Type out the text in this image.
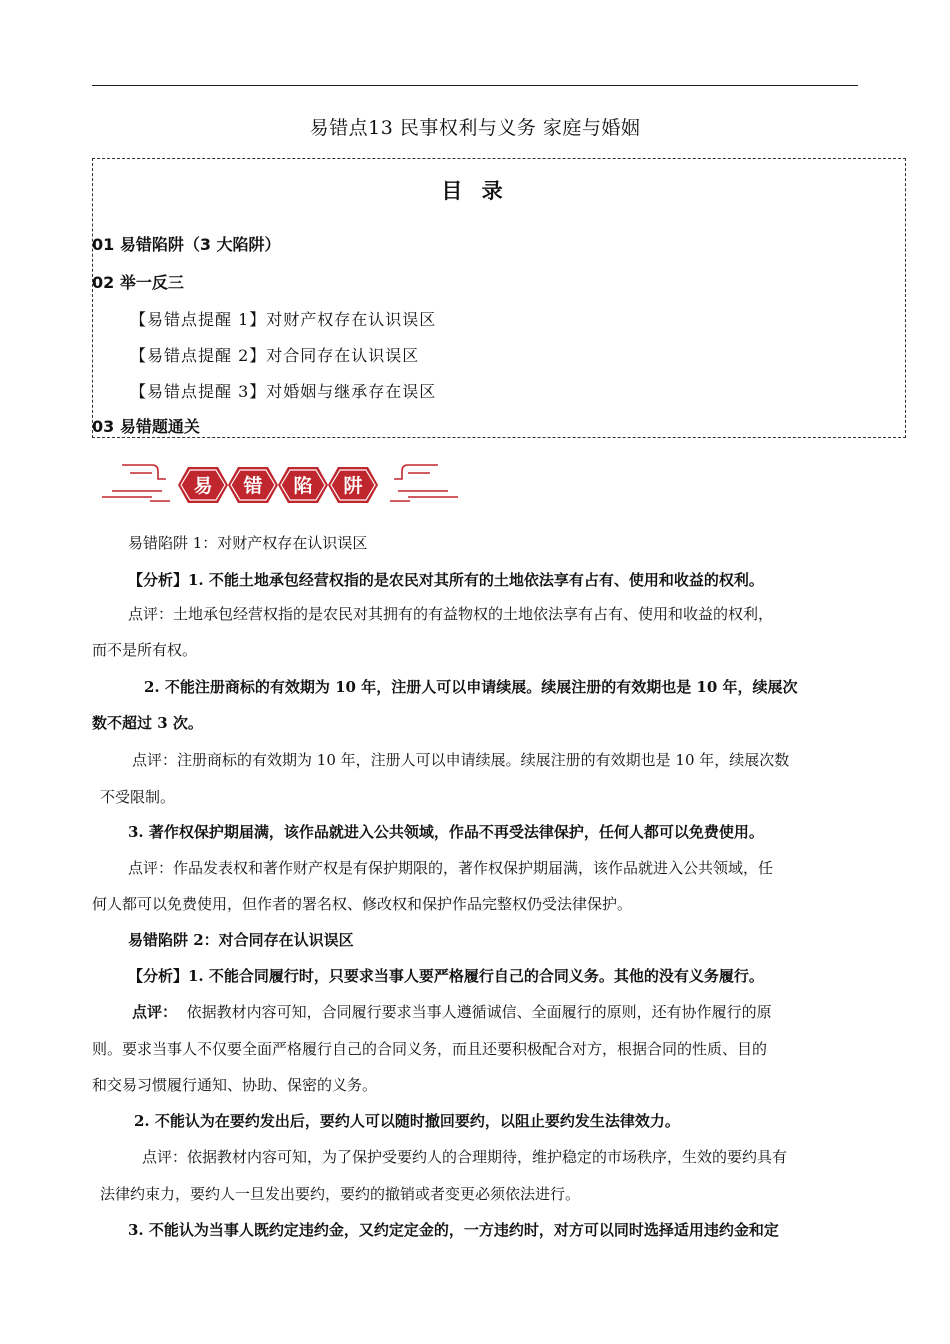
易错点13 民事权利与义务 家庭与婚姻
目 录
01 易错陷阱（3 大陷阱）
02 举一反三
【易错点提醒 1】对财产权存在认识误区
【易错点提醒 2】对合同存在认识误区
【易错点提醒 3】对婚姻与继承存在误区
03 易错题通关
易 错 陷 阱
易错陷阱 1：对财产权存在认识误区
【分析】1. 不能土地承包经营权指的是农民对其所有的土地依法享有占有、使用和收益的权利。
点评：土地承包经营权指的是农民对其拥有的有益物权的土地依法享有占有、使用和收益的权利，
而不是所有权。
2. 不能注册商标的有效期为 10 年，注册人可以申请续展。续展注册的有效期也是 10 年，续展次
数不超过 3 次。
点评：注册商标的有效期为 10 年，注册人可以申请续展。续展注册的有效期也是 10 年，续展次数
不受限制。
3. 著作权保护期届满，该作品就进入公共领域，作品不再受法律保护，任何人都可以免费使用。
点评：作品发表权和著作财产权是有保护期限的，著作权保护期届满，该作品就进入公共领域，任
何人都可以免费使用，但作者的署名权、修改权和保护作品完整权仍受法律保护。
易错陷阱 2：对合同存在认识误区
【分析】1. 不能合同履行时，只要求当事人要严格履行自己的合同义务。其他的没有义务履行。
点评： 依据教材内容可知，合同履行要求当事人遵循诚信、全面履行的原则，还有协作履行的原
则。要求当事人不仅要全面严格履行自己的合同义务，而且还要积极配合对方，根据合同的性质、目的
和交易习惯履行通知、协助、保密的义务。
2. 不能认为在要约发出后，要约人可以随时撤回要约，以阻止要约发生法律效力。
点评：依据教材内容可知，为了保护受要约人的合理期待，维护稳定的市场秩序，生效的要约具有
法律约束力，要约人一旦发出要约，要约的撤销或者变更必须依法进行。
3. 不能认为当事人既约定违约金，又约定定金的，一方违约时，对方可以同时选择适用违约金和定
